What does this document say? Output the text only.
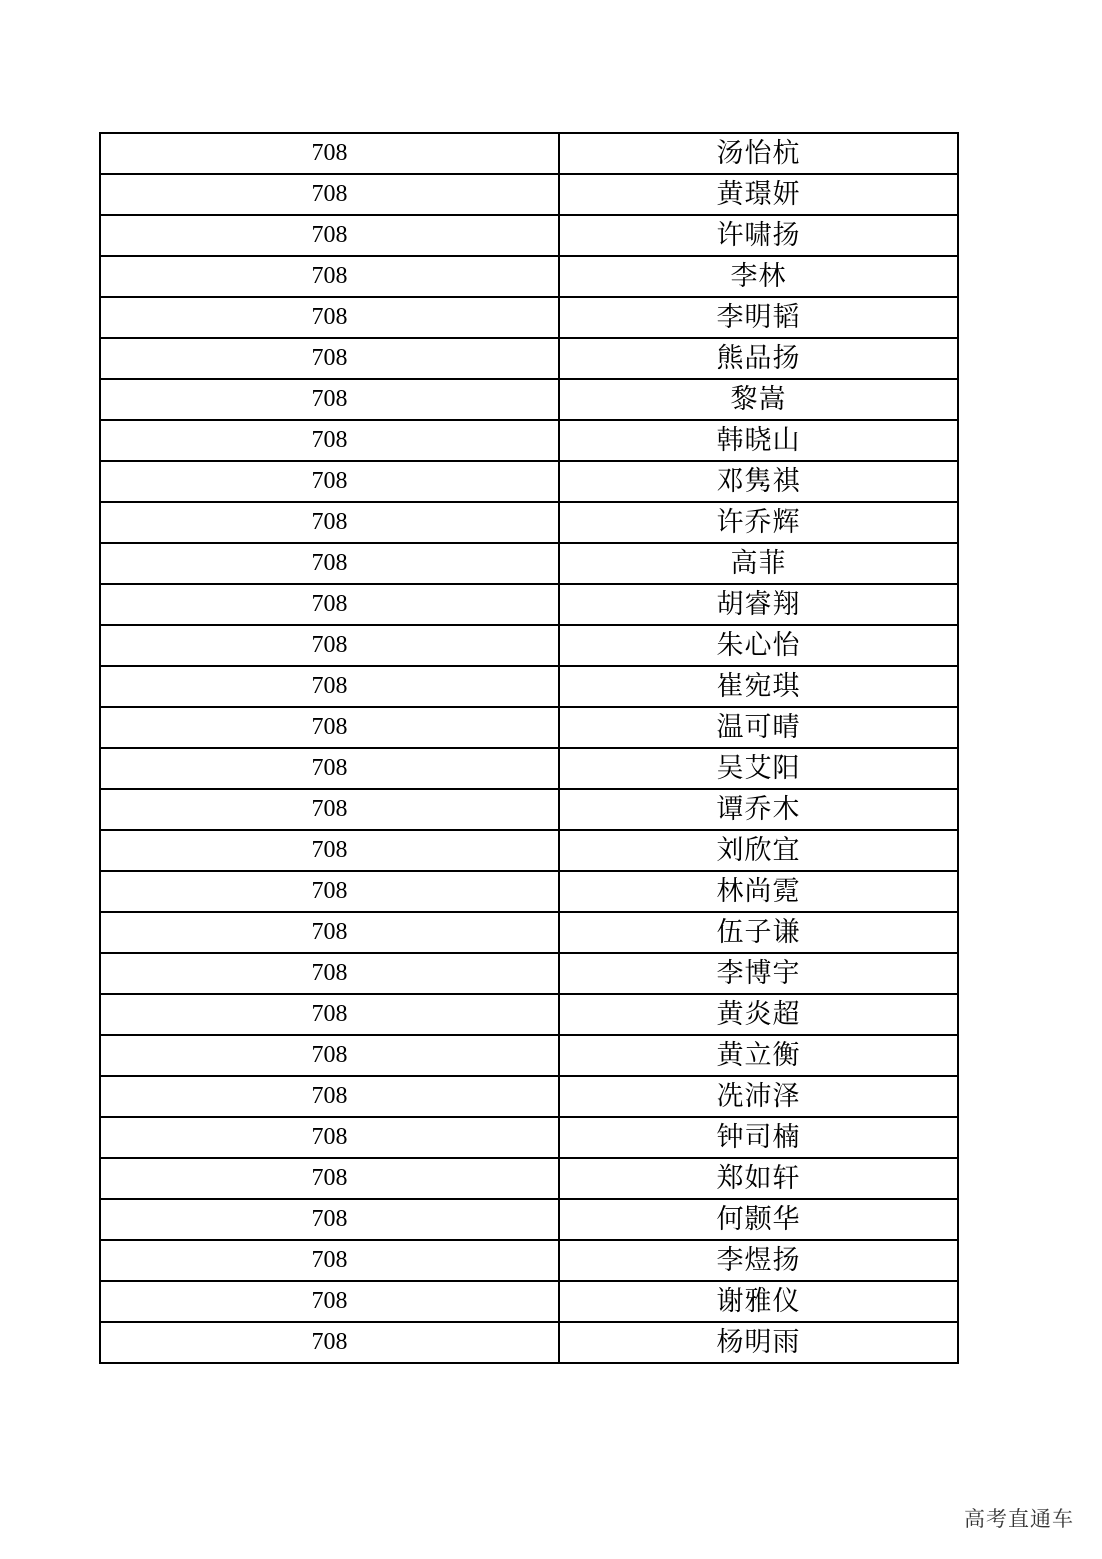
708	汤怡杭
708	黄璟妍
708	许啸扬
708	李林
708	李明韬
708	熊品扬
708	黎嵩
708	韩晓山
708	邓隽祺
708	许乔辉
708	高菲
708	胡睿翔
708	朱心怡
708	崔宛琪
708	温可晴
708	吴艾阳
708	谭乔木
708	刘欣宜
708	林尚霓
708	伍子谦
708	李博宇
708	黄炎超
708	黄立衡
708	冼沛泽
708	钟司楠
708	郑如轩
708	何颢华
708	李煜扬
708	谢雅仪
708	杨明雨
高考直通车
